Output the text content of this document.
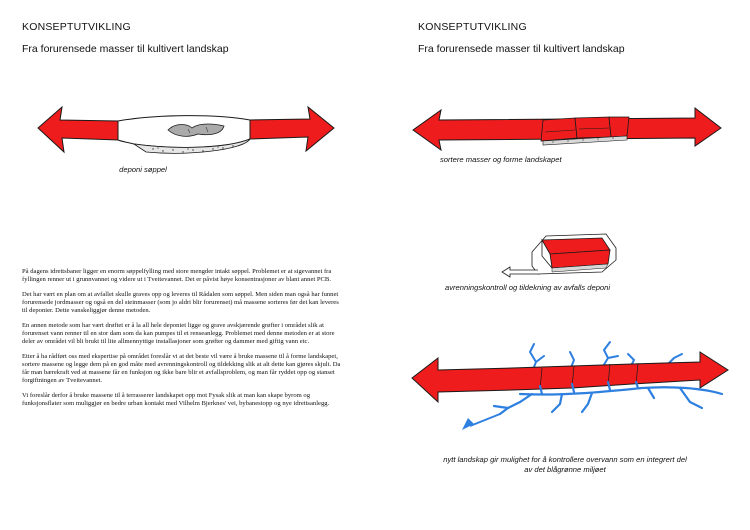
KONSEPTUTVIKLING
Fra forurensede masser til kultivert landskap
deponi søppel

På dagens idrettsbaner ligger en enorm søppelfylling med store mengder intakt søppel. Problemet er at sigevannet fra fyllingen renner ut i grunnvannet og videre ut i Tveitevannet. Det er påvist høye konsentrasjoner av blant annet PCB.

Det har vært en plan om at avfallet skulle graves opp og leveres til Rådalen som søppel. Men siden man også har funnet forurensede jordmasser og også en del steinmasser (som jo aldri blir forurenset) må massene sorteres før det kan leveres til deponier. Dette vanskeliggjør denne metoden.

En annen metode som har vært drøftet er å la all hele deponiet ligge og grave avskjærende grøfter i området slik at forurenset vann renner til en stor dam som da kan pumpes til et renseanlegg. Problemet med denne metoden er at store deler av området vil bli brukt til lite allmennyttige installasjoner som grøfter og dammer med giftig vann etc.

Etter å ha rådført oss med ekspertise på området foreslår vi at det beste vil være å bruke massene til å forme landskapet, sortere massene og legge dem på en god måte med avrenningskontroll og tildekking slik at alt dette kan gjøres skjult. Da får man bærekraft ved at massene får en funksjon og ikke bare blir et avfallsproblem, og man får ryddet opp og stanset forgiftningen av Tveitevannet.

Vi foreslår derfor å bruke massene til å terrasserer landskapet opp mot Fysak slik at man kan skape byrom og funksjonsflater som muliggjør en bedre urban kontakt med Vilhelm Bjerknes' vei, bybanestopp og nye idrettsanlegg.

KONSEPTUTVIKLING
Fra forurensede masser til kultivert landskap
sortere masser og forme landskapet
avrenningskontroll og tildekning av avfalls deponi
nytt landskap gir mulighet for å kontrollere overvann som en integrert del av det blågrønne miljøet
